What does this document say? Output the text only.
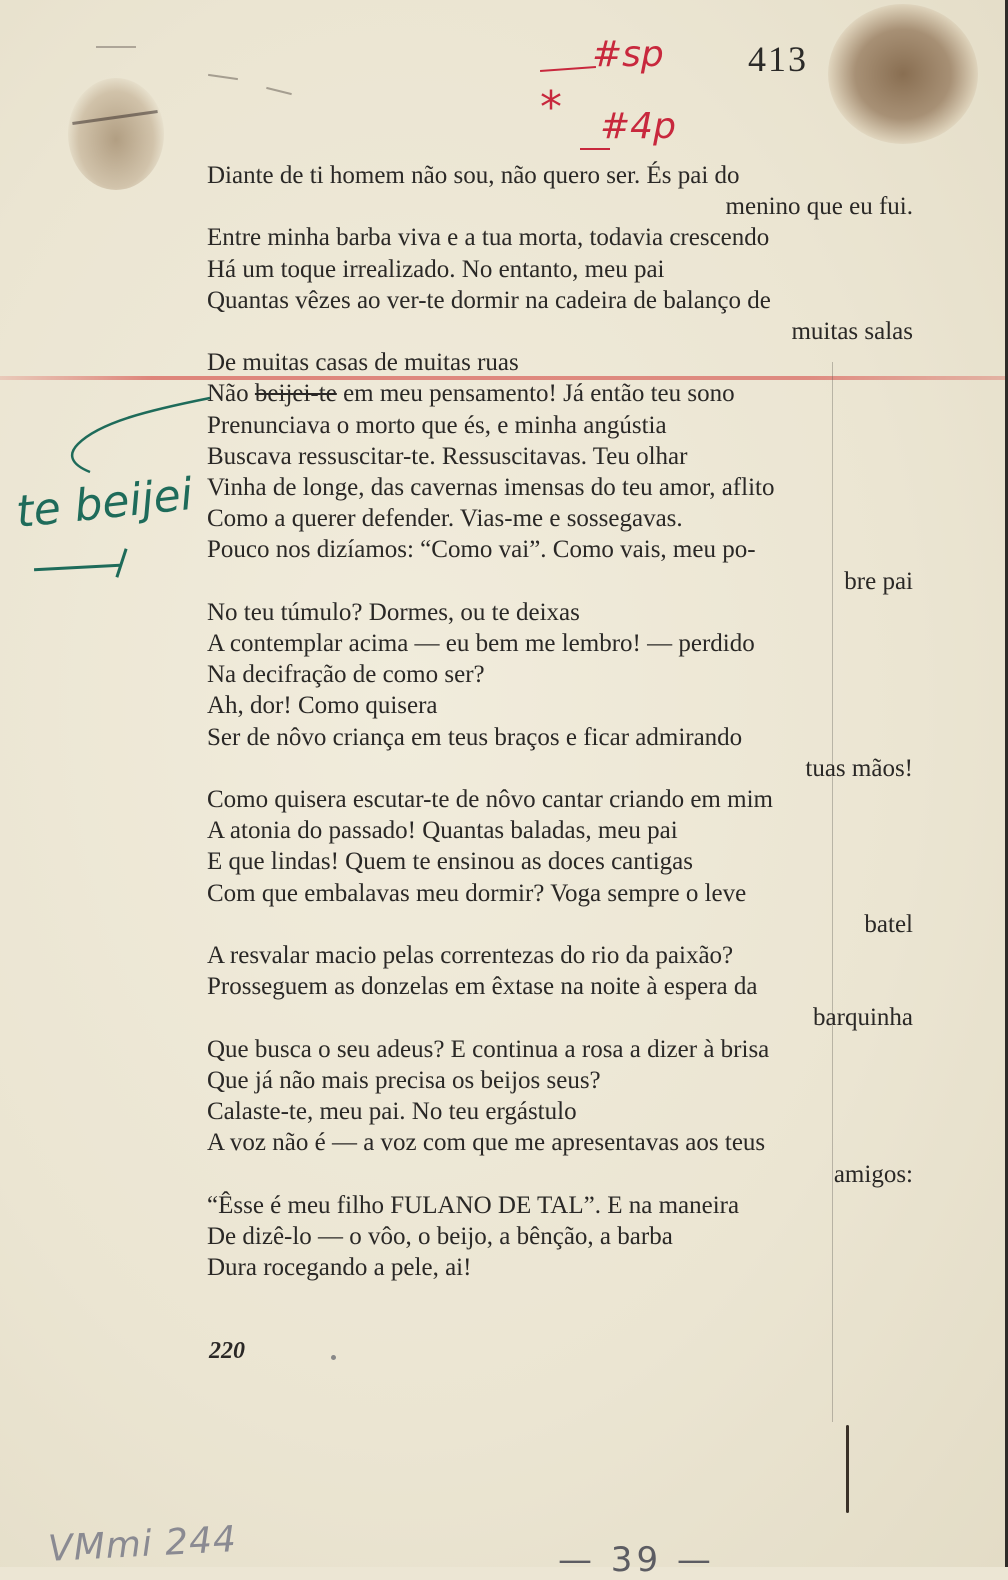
413
#sp
* #4p
Diante de ti homem não sou, não quero ser. És pai do
menino que eu fui.
Entre minha barba viva e a tua morta, todavia crescendo
Há um toque irrealizado. No entanto, meu pai
Quantas vêzes ao ver-te dormir na cadeira de balanço de
muitas salas
De muitas casas de muitas ruas
Não beijei-te em meu pensamento! Já então teu sono
Prenunciava o morto que és, e minha angústia
Buscava ressuscitar-te. Ressuscitavas. Teu olhar
Vinha de longe, das cavernas imensas do teu amor, aflito
Como a querer defender. Vias-me e sossegavas.
Pouco nos dizíamos: “Como vai”. Como vais, meu po-
bre pai
No teu túmulo? Dormes, ou te deixas
A contemplar acima — eu bem me lembro! — perdido
Na decifração de como ser?
Ah, dor! Como quisera
Ser de nôvo criança em teus braços e ficar admirando
tuas mãos!
Como quisera escutar-te de nôvo cantar criando em mim
A atonia do passado! Quantas baladas, meu pai
E que lindas! Quem te ensinou as doces cantigas
Com que embalavas meu dormir? Voga sempre o leve
batel
A resvalar macio pelas correntezas do rio da paixão?
Prosseguem as donzelas em êxtase na noite à espera da
barquinha
Que busca o seu adeus? E continua a rosa a dizer à brisa
Que já não mais precisa os beijos seus?
Calaste-te, meu pai. No teu ergástulo
A voz não é — a voz com que me apresentavas aos teus
amigos:
“Êsse é meu filho FULANO DE TAL”. E na maneira
De dizê-lo — o vôo, o beijo, a bênção, a barba
Dura rocegando a pele, ai!
te beijei
220
VMmi 244	— 39 —
